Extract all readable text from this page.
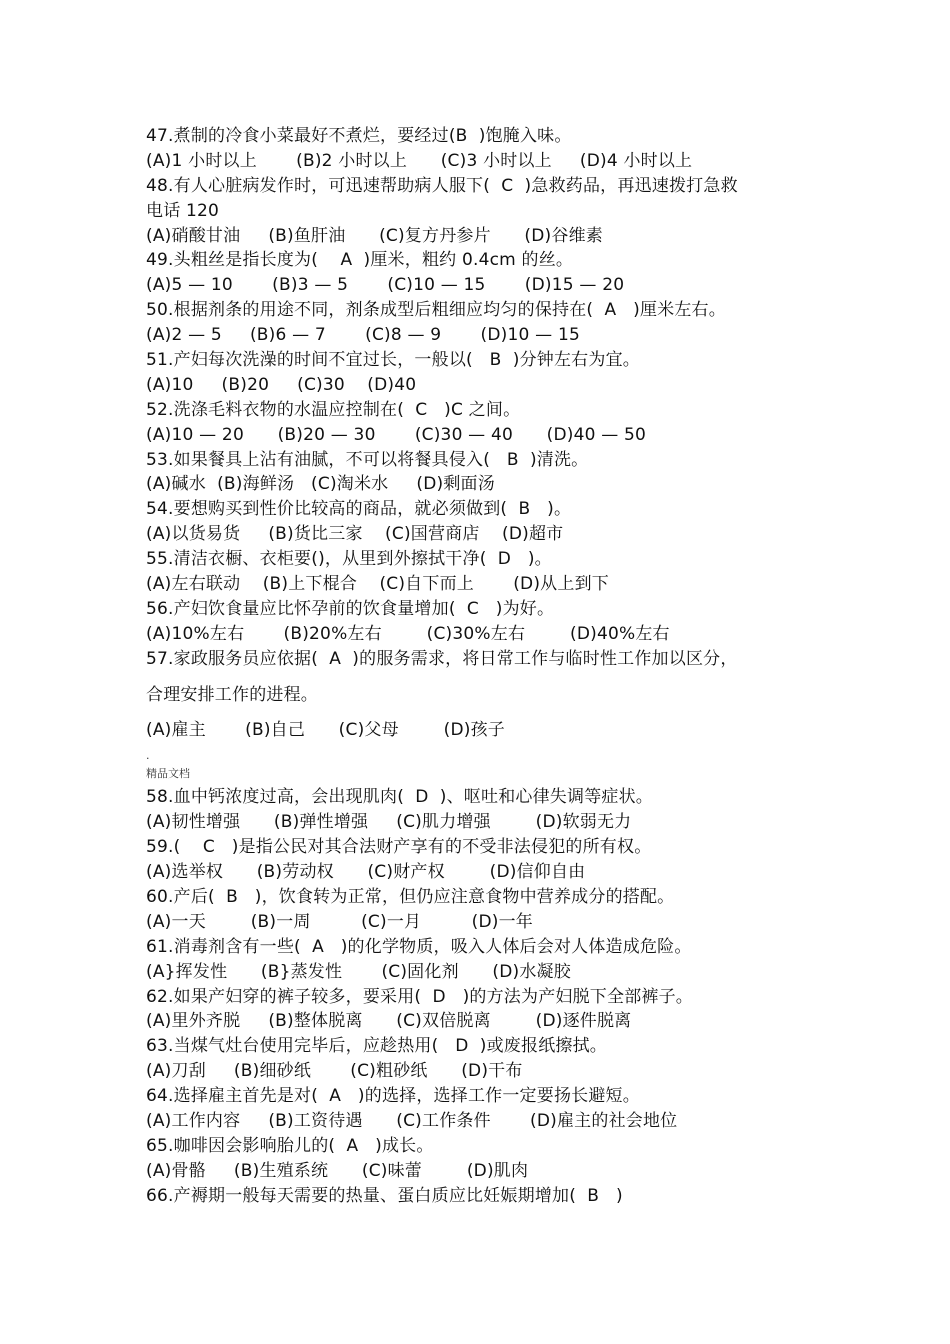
47.煮制的冷食小菜最好不煮烂，要经过(B  )饱腌入味。
(A)1 小时以上       (B)2 小时以上      (C)3 小时以上     (D)4 小时以上
48.有人心脏病发作时，可迅速帮助病人服下(  C  )急救药品，再迅速拨打急救
电话 120
(A)硝酸甘油     (B)鱼肝油      (C)复方丹参片      (D)谷维素
49.头粗丝是指长度为(    A  )厘米，粗约 0.4cm 的丝。
(A)5 — 10       (B)3 — 5       (C)10 — 15       (D)15 — 20
50.根据剂条的用途不同，剂条成型后粗细应均匀的保持在(  A   )厘米左右。
(A)2 — 5     (B)6 — 7       (C)8 — 9       (D)10 — 15
51.产妇每次洗澡的时间不宜过长，一般以(   B  )分钟左右为宜。
(A)10     (B)20     (C)30    (D)40
52.洗涤毛料衣物的水温应控制在(  C   )C 之间。
(A)10 — 20      (B)20 — 30       (C)30 — 40      (D)40 — 50
53.如果餐具上沾有油腻，不可以将餐具侵入(   B  )清洗。
(A)碱水  (B)海鲜汤   (C)淘米水     (D)剩面汤
54.要想购买到性价比较高的商品，就必须做到(  B   )。
(A)以货易货     (B)货比三家    (C)国营商店    (D)超市
55.清洁衣橱、衣柜要()，从里到外擦拭干净(  D   )。
(A)左右联动    (B)上下棍合    (C)自下而上       (D)从上到下
56.产妇饮食量应比怀孕前的饮食量增加(  C   )为好。
(A)10%左右       (B)20%左右        (C)30%左右        (D)40%左右
57.家政服务员应依据(  A  )的服务需求，将日常工作与临时性工作加以区分，
合理安排工作的进程。
(A)雇主       (B)自己      (C)父母        (D)孩子
.
精品文档
58.血中钙浓度过高，会出现肌肉(  D  )、呕吐和心律失调等症状。
(A)韧性增强      (B)弹性增强     (C)肌力增强        (D)软弱无力
59.(    C   )是指公民对其合法财产享有的不受非法侵犯的所有权。
(A)选举权      (B)劳动权      (C)财产权        (D)信仰自由
60.产后(  B   )，饮食转为正常，但仍应注意食物中营养成分的搭配。
(A)一天        (B)一周         (C)一月         (D)一年
61.消毒剂含有一些(  A   )的化学物质，吸入人体后会对人体造成危险。
(A}挥发性      (B}蒸发性       (C)固化剂      (D)水凝胶
62.如果产妇穿的裤子较多，要采用(  D   )的方法为产妇脱下全部裤子。
(A)里外齐脱     (B)整体脱离      (C)双倍脱离        (D)逐件脱离
63.当煤气灶台使用完毕后，应趁热用(   D  )或废报纸擦拭。
(A)刀刮     (B)细砂纸       (C)粗砂纸      (D)干布
64.选择雇主首先是对(  A   )的选择，选择工作一定要扬长避短。
(A)工作内容     (B)工资待遇      (C)工作条件       (D)雇主的社会地位
65.咖啡因会影响胎儿的(  A   )成长。
(A)骨骼     (B)生殖系统      (C)味蕾        (D)肌肉
66.产褥期一般每天需要的热量、蛋白质应比妊娠期增加(  B   )
